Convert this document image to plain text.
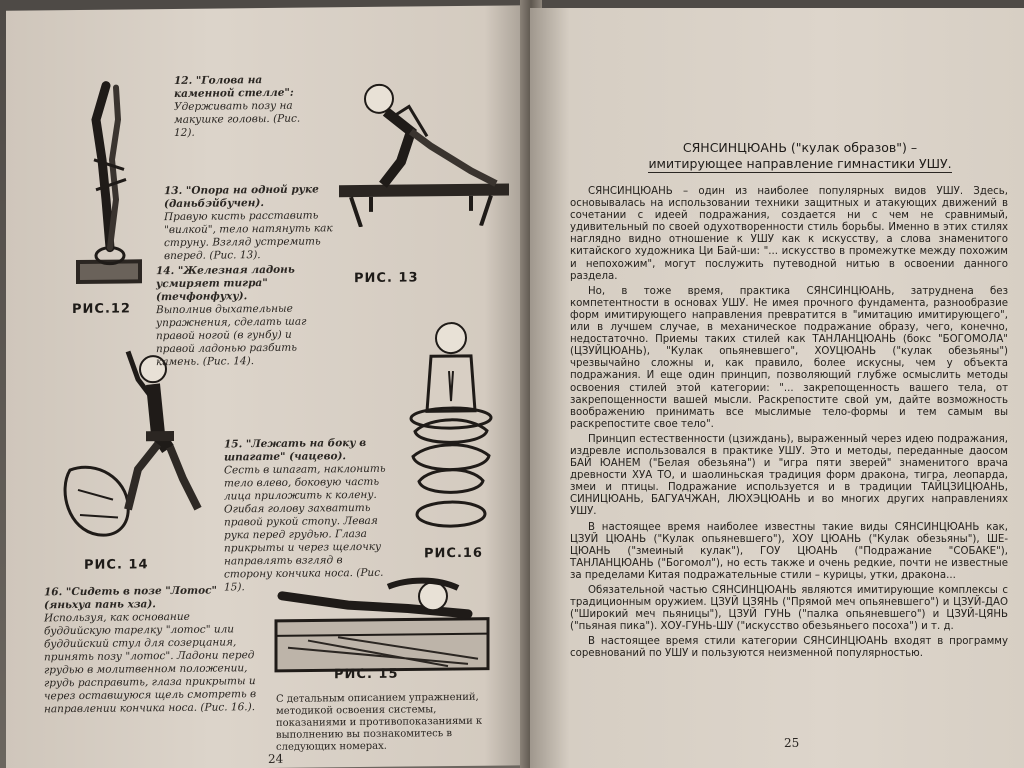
12. "Голова на каменной стелле":
Удерживать позу на макушке головы. (Рис. 12).
13. "Опора на одной руке (даньбэйбучен).
Правую кисть расставить "вилкой", тело натянуть как струну. Взгляд устремить вперед. (Рис. 13).
14. "Железная ладонь усмиряет тигра" (течфонфуху).
Выполнив дыхательные упражнения, сделать шаг правой ногой (в гунбу) и правой ладонью разбить камень. (Рис. 14).
РИС.12
РИС. 13
15. "Лежать на боку в шпагате" (чацево).
Сесть в шпагат, наклонить тело влево, боковую часть лица приложить к колену. Огибая голову захватить правой рукой стопу. Левая рука перед грудью. Глаза прикрыты и через щелочку направлять взгляд в сторону кончика носа. (Рис. 15).
РИС. 14
РИС.16
16. "Сидеть в позе "Лотос" (яньхуа пань хза).
Используя, как основание буддийскую тарелку "лотос" или буддийский стул для созерцания, принять позу "лотос". Ладони перед грудью в молитвенном положении, грудь расправить, глаза прикрыты и через оставшуюся щель смотреть в направлении кончика носа. (Рис. 16.).
РИС. 15
С детальным описанием упражнений, методикой освоения системы, показаниями и противопоказаниями к выполнению вы познакомитесь в следующих номерах.
24
СЯНСИНЦЮАНЬ ("кулак образов") –
имитирующее направление гимнастики УШУ.

СЯНСИНЦЮАНЬ – один из наиболее популярных видов УШУ. Здесь, основывалась на использовании техники защитных и атакующих движений в сочетании с идеей подражания, создается ни с чем не сравнимый, удивительный по своей одухотворенности стиль борьбы. Именно в этих стилях наглядно видно отношение к УШУ как к искусству, а слова знаменитого китайского художника Ци Бай-ши: "... искусство в промежутке между похожим и непохожим", могут послужить путеводной нитью в освоении данного раздела.

Но, в тоже время, практика СЯНСИНЦЮАНЬ, затруднена без компетентности в основах УШУ. Не имея прочного фундамента, разнообразие форм имитирующего направления превратится в "имитацию имитирующего", или в лучшем случае, в механическое подражание образу, чего, конечно, недостаточно. Приемы таких стилей как ТАНЛАНЦЮАНЬ (бокс "БОГОМОЛА" (ЦЗУЙЦЮАНЬ), "Кулак опьяневшего", ХОУЦЮАНЬ ("кулак обезьяны") чрезвычайно сложны и, как правило, более искусны, чем у объекта подражания. И еще один принцип, позволяющий глубже осмыслить методы освоения стилей этой категории: "... закрепощенность вашего тела, от закрепощенности вашей мысли. Раскрепостите свой ум, дайте возможность воображению принимать все мыслимые тело-формы и тем самым вы раскрепостите свое тело".

Принцип естественности (цзиждань), выраженный через идею подражания, издревле использовался в практике УШУ. Это и методы, переданные даосом БАЙ ЮАНЕМ ("Белая обезьяна") и "игра пяти зверей" знаменитого врача древности ХУА ТО, и шаолиньская традиция форм дракона, тигра, леопарда, змеи и птицы. Подражание используется и в традиции ТАЙЦЗИЦЮАНЬ, СИНИЦЮАНЬ, БАГУАЧЖАН, ЛЮХЭЦЮАНЬ и во многих других направлениях УШУ.

В настоящее время наиболее известны такие виды СЯНСИНЦЮАНЬ как, ЦЗУЙ ЦЮАНЬ ("Кулак опьяневшего"), ХОУ ЦЮАНЬ ("Кулак обезьяны"), ШЕ-ЦЮАНЬ ("змеиный кулак"), ГОУ ЦЮАНЬ ("Подражание "СОБАКЕ"), ТАНЛАНЦЮАНЬ ("Богомол"), но есть также и очень редкие, почти не известные за пределами Китая подражательные стили – курицы, утки, дракона...

Обязательной частью СЯНСИНЦЮАНЬ являются имитирующие комплексы с традиционным оружием. ЦЗУЙ ЦЗЯНЬ ("Прямой меч опьяневшего") и ЦЗУЙ-ДАО ("Широкий меч пьяницы"), ЦЗУЙ ГУНЬ ("палка опьяневшего") и ЦЗУЙ-ЦЯНЬ ("пьяная пика"). ХОУ-ГУНЬ-ШУ ("искусство обезьяньего посоха") и т. д.

В настоящее время стили категории СЯНСИНЦЮАНЬ входят в программу соревнований по УШУ и пользуются неизменной популярностью.

25
